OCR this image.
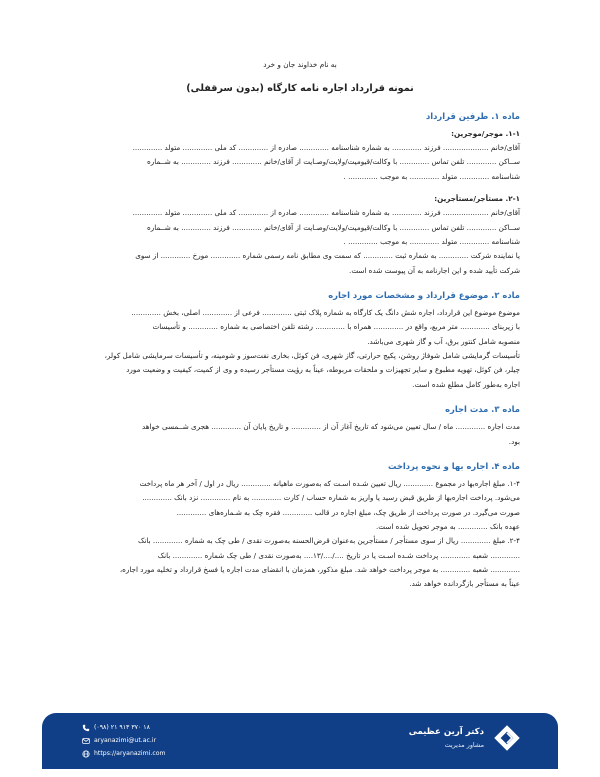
به نام خداوند جان و خرد
نمونه قرارداد اجاره نامه کارگاه (بدون سرقفلی)
ماده ۱. طرفین قرارداد
۱-۱. موجر/موجرین:
آقای/خانم .................... فرزند ............. به شماره شناسنامه ............. صادره از ............. کد ملی ............. متولد .............
ســاکن ............. تلفن تماس ............. با وکالت/قیومیت/ولایت/وصـایت از آقای/خانم ............. فرزند ............. به شــماره
شناسنامه ............. متولد ............. به موجب ............. .
۲-۱. مستأجر/مستأجرین:
آقای/خانم .................... فرزند ............. به شماره شناسنامه ............. صادره از ............. کد ملی ............. متولد .............
ســاکن ............. تلفن تماس ............. با وکالت/قیومیت/ولایت/وصـایت از آقای/خانم ............. فرزند ............. به شــماره
شناسنامه ............. متولد ............. به موجب ............. .
یا نماینده شرکت ............. به شماره ثبت ............. که سمت وی مطابق نامه رسمی شماره ............. مورخ ............. از سوی
شرکت تأیید شده و این اجارنامه به آن پیوست شده است.
ماده ۲. موضوع قرارداد و مشخصات مورد اجاره
موضوع موضوع این قرارداد، اجاره شش دانگ یک کارگاه به شماره پلاک ثبتی ............. فرعی از ............. اصلی، بخش .............
با زیربنای ............. متر مربع، واقع در ............. همراه با ............. رشته تلفن اختصاصی به شماره ............. و تأسیسات
منصوبه شامل کنتور برق، آب و گاز شهری می‌باشد.
تأسیسات گرمایشی شامل شوفاژ روشن، پکیج حرارتی، گاز شهری، فن کوئل، بخاری نفت‌سوز و شومینه، و تأسیسات سرمایشی شامل کولر،
چیلر، فن کوئل، تهویه مطبوع و سایر تجهیزات و ملحقات مربوطه، عیناً به رؤیت مستأجر رسیده و وی از کمیت، کیفیت و وضعیت مورد
اجاره به‌طور کامل مطلع شده است.
ماده ۳. مدت اجاره
مدت اجاره ............. ماه / سال تعیین می‌شود که تاریخ آغاز آن از ............. و تاریخ پایان آن ............. هجری شــمسی خواهد
بود.
ماده ۴. اجاره بها و نحوه پرداخت
۱-۴. مبلغ اجاره‌بها در مجموع ............. ریال تعیین شـده اسـت که به‌صورت ماهیانه ............. ریال در اول / آخر هر ماه پرداخت
می‌شود. پرداخت اجاره‌بها از طریق قبض رسید یا واریز به شماره حساب / کارت ............. به نام ............. نزد بانک .............
صورت می‌گیرد. در صورت پرداخت از طریق چک، مبلغ اجاره در قالب ............. فقره چک به شـماره‌های .............
عهده بانک ............. به موجر تحویل شده است.
۲-۴. مبلغ ............. ریال از سوی مستأجر / مستأجرین به‌عنوان قرض‌الحسنه به‌صورت نقدی / طی چک به شماره ............. بانک
............. شعبه ............. پرداخت شـده اسـت یا در تاریخ ..../..../۱۳.... به‌صورت نقدی / طی چک شماره ............. بانک
............. شعبه ............. به موجر پرداخت خواهد شد. مبلغ مذکور، همزمان با انقضای مدت اجاره یا فسخ قرارداد و تخلیه مورد اجاره،
عیناً به مستأجر بازگردانده خواهد شد.
(۰۹۸) ۲۱ ۹۱۳ ۳۷۰ ۱۸
aryanazimi@ut.ac.ir
https://aryanazimi.com
دکتر آرین عظیمی
مشاور مدیریت
